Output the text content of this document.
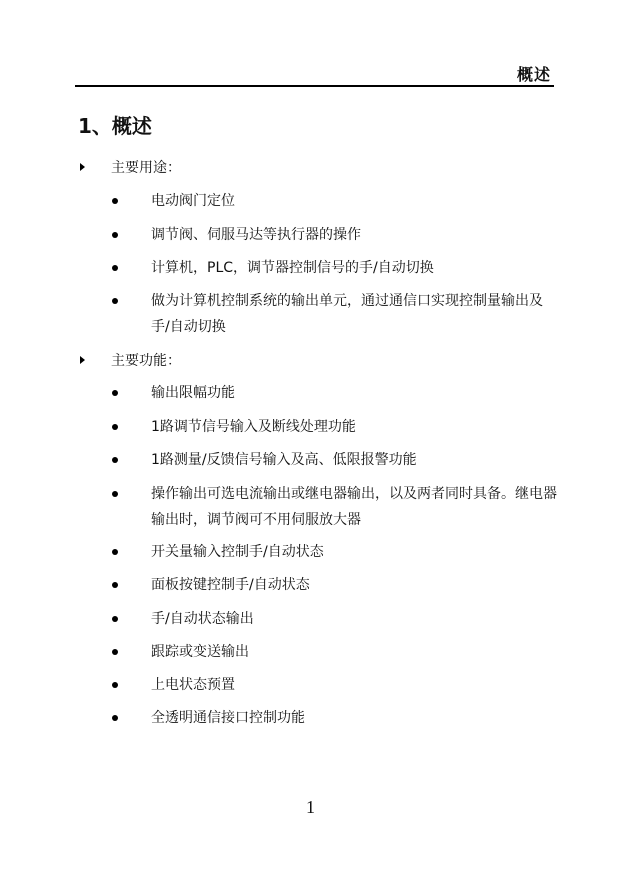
概述
1、概述
主要用途：
电动阀门定位
调节阀、伺服马达等执行器的操作
计算机，PLC，调节器控制信号的手/自动切换
做为计算机控制系统的输出单元，通过通信口实现控制量输出及手/自动切换
主要功能：
输出限幅功能
1路调节信号输入及断线处理功能
1路测量/反馈信号输入及高、低限报警功能
操作输出可选电流输出或继电器输出，以及两者同时具备。继电器输出时，调节阀可不用伺服放大器
开关量输入控制手/自动状态
面板按键控制手/自动状态
手/自动状态输出
跟踪或变送输出
上电状态预置
全透明通信接口控制功能
1
